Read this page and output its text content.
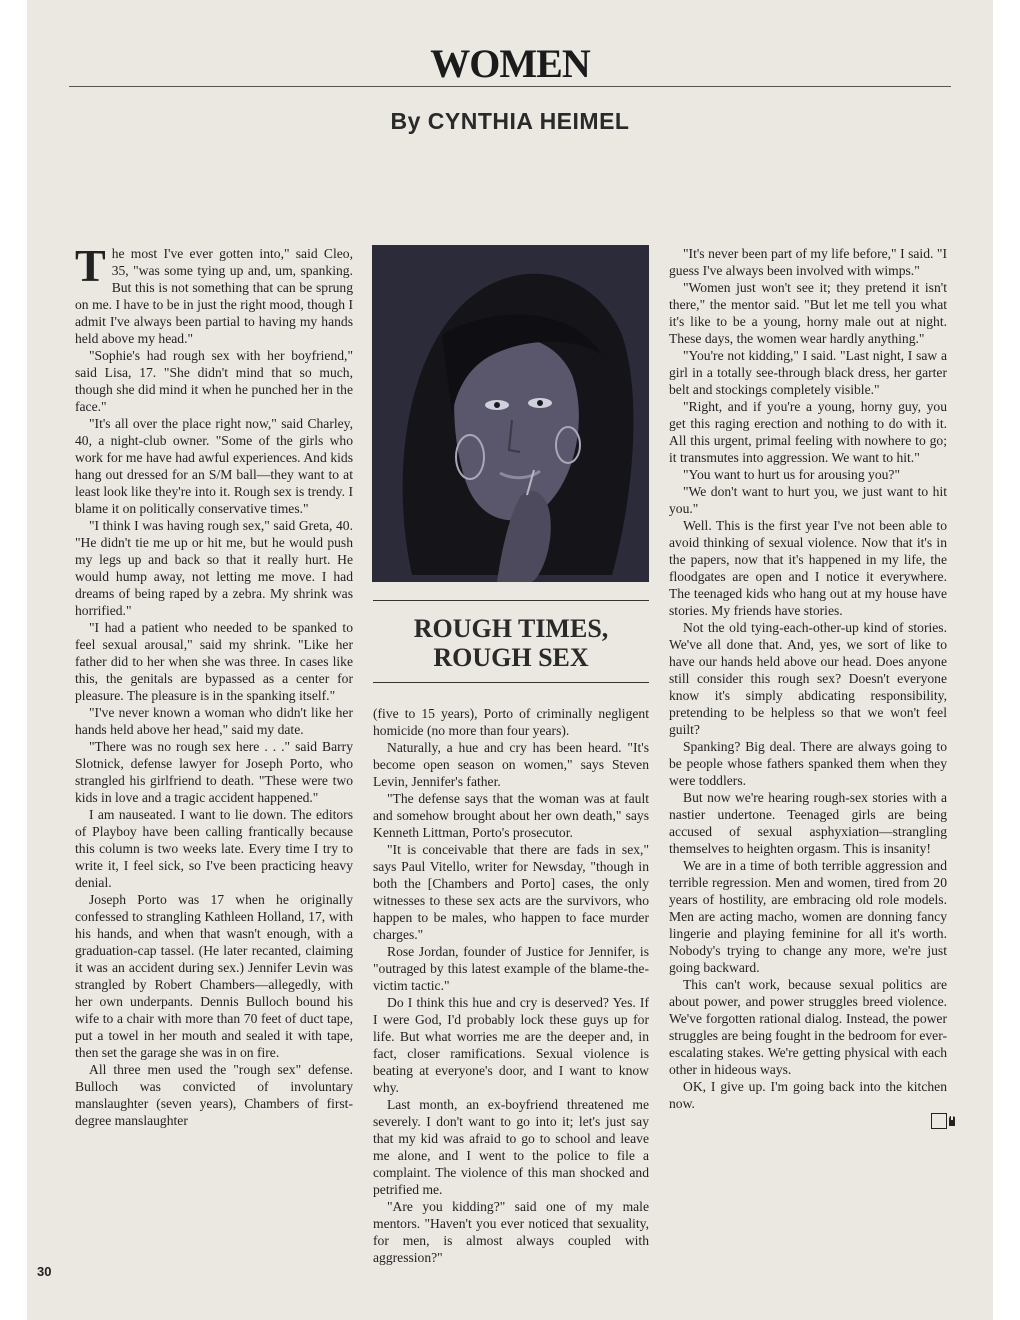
WOMEN
By CYNTHIA HEIMEL

The most I've ever gotten into," said Cleo, 35, "was some tying up and, um, spanking. But this is not something that can be sprung on me. I have to be in just the right mood, though I admit I've always been partial to having my hands held above my head."

"Sophie's had rough sex with her boyfriend," said Lisa, 17. "She didn't mind that so much, though she did mind it when he punched her in the face."

"It's all over the place right now," said Charley, 40, a night-club owner. "Some of the girls who work for me have had awful experiences. And kids hang out dressed for an S/M ball—they want to at least look like they're into it. Rough sex is trendy. I blame it on politically conservative times."

"I think I was having rough sex," said Greta, 40. "He didn't tie me up or hit me, but he would push my legs up and back so that it really hurt. He would hump away, not letting me move. I had dreams of being raped by a zebra. My shrink was horrified."

"I had a patient who needed to be spanked to feel sexual arousal," said my shrink. "Like her father did to her when she was three. In cases like this, the genitals are bypassed as a center for pleasure. The pleasure is in the spanking itself."

"I've never known a woman who didn't like her hands held above her head," said my date.

"There was no rough sex here . . ." said Barry Slotnick, defense lawyer for Joseph Porto, who strangled his girlfriend to death. "These were two kids in love and a tragic accident happened."

I am nauseated. I want to lie down. The editors of Playboy have been calling frantically because this column is two weeks late. Every time I try to write it, I feel sick, so I've been practicing heavy denial.

Joseph Porto was 17 when he originally confessed to strangling Kathleen Holland, 17, with his hands, and when that wasn't enough, with a graduation-cap tassel. (He later recanted, claiming it was an accident during sex.) Jennifer Levin was strangled by Robert Chambers—allegedly, with her own underpants. Dennis Bulloch bound his wife to a chair with more than 70 feet of duct tape, put a towel in her mouth and sealed it with tape, then set the garage she was in on fire.

All three men used the "rough sex" defense. Bulloch was convicted of involuntary manslaughter (seven years), Chambers of first-degree manslaughter

ROUGH TIMES,
ROUGH SEX

(five to 15 years), Porto of criminally negligent homicide (no more than four years).

Naturally, a hue and cry has been heard. "It's become open season on women," says Steven Levin, Jennifer's father.

"The defense says that the woman was at fault and somehow brought about her own death," says Kenneth Littman, Porto's prosecutor.

"It is conceivable that there are fads in sex," says Paul Vitello, writer for Newsday, "though in both the [Chambers and Porto] cases, the only witnesses to these sex acts are the survivors, who happen to be males, who happen to face murder charges."

Rose Jordan, founder of Justice for Jennifer, is "outraged by this latest example of the blame-the-victim tactic."

Do I think this hue and cry is deserved? Yes. If I were God, I'd probably lock these guys up for life. But what worries me are the deeper and, in fact, closer ramifications. Sexual violence is beating at everyone's door, and I want to know why.

Last month, an ex-boyfriend threatened me severely. I don't want to go into it; let's just say that my kid was afraid to go to school and leave me alone, and I went to the police to file a complaint. The violence of this man shocked and petrified me.

"Are you kidding?" said one of my male mentors. "Haven't you ever noticed that sexuality, for men, is almost always coupled with aggression?"

"It's never been part of my life before," I said. "I guess I've always been involved with wimps."

"Women just won't see it; they pretend it isn't there," the mentor said. "But let me tell you what it's like to be a young, horny male out at night. These days, the women wear hardly anything."

"You're not kidding," I said. "Last night, I saw a girl in a totally see-through black dress, her garter belt and stockings completely visible."

"Right, and if you're a young, horny guy, you get this raging erection and nothing to do with it. All this urgent, primal feeling with nowhere to go; it transmutes into aggression. We want to hit."

"You want to hurt us for arousing you?"

"We don't want to hurt you, we just want to hit you."

Well. This is the first year I've not been able to avoid thinking of sexual violence. Now that it's in the papers, now that it's happened in my life, the floodgates are open and I notice it everywhere. The teenaged kids who hang out at my house have stories. My friends have stories.

Not the old tying-each-other-up kind of stories. We've all done that. And, yes, we sort of like to have our hands held above our head. Does anyone still consider this rough sex? Doesn't everyone know it's simply abdicating responsibility, pretending to be helpless so that we won't feel guilt?

Spanking? Big deal. There are always going to be people whose fathers spanked them when they were toddlers.

But now we're hearing rough-sex stories with a nastier undertone. Teenaged girls are being accused of sexual asphyxiation—strangling themselves to heighten orgasm. This is insanity!

We are in a time of both terrible aggression and terrible regression. Men and women, tired from 20 years of hostility, are embracing old role models. Men are acting macho, women are donning fancy lingerie and playing feminine for all it's worth. Nobody's trying to change any more, we're just going backward.

This can't work, because sexual politics are about power, and power struggles breed violence. We've forgotten rational dialog. Instead, the power struggles are being fought in the bedroom for ever-escalating stakes. We're getting physical with each other in hideous ways.

OK, I give up. I'm going back into the kitchen now.

30
